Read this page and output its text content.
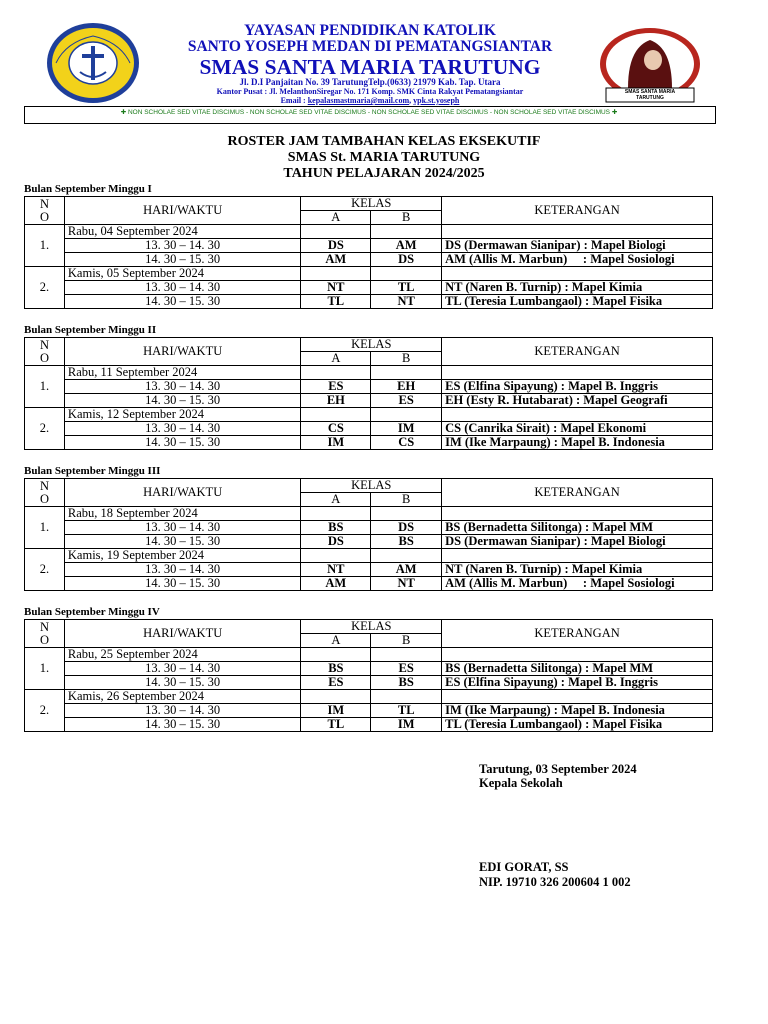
SMAS SANTA MARIA
TARUTUNG
YAYASAN PENDIDIKAN KATOLIK
SANTO YOSEPH MEDAN DI PEMATANGSIANTAR
SMAS SANTA MARIA TARUTUNG
Jl. D.I Panjaitan No. 39 TarutungTelp.(0633) 21979 Kab. Tap. Utara
Kantor Pusat : Jl. MelanthonSiregar No. 171 Komp. SMK Cinta Rakyat Pematangsiantar
Email : kepalasmastmaria@mail.com, ypk.st.yoseph
✚ NON SCHOLAE SED VITAE DISCIMUS - NON SCHOLAE SED VITAE DISCIMUS - NON SCHOLAE SED VITAE DISCIMUS - NON SCHOLAE SED VITAE DISCIMUS ✚
ROSTER JAM TAMBAHAN KELAS EKSEKUTIF
SMAS St. MARIA TARUTUNG
TAHUN PELAJARAN 2024/2025
Bulan September Minggu I
N
O	HARI/WAKTU	KELAS		KETERANGAN
		A	B	
1.	Rabu, 04 September 2024			
	13. 30 – 14. 30	DS	AM	DS (Dermawan Sianipar) : Mapel Biologi
	14. 30 – 15. 30	AM	DS	AM (Allis M. Marbun)     : Mapel Sosiologi
2.	Kamis, 05 September 2024			
	13. 30 – 14. 30	NT	TL	NT (Naren B. Turnip) : Mapel Kimia
	14. 30 – 15. 30	TL	NT	TL (Teresia Lumbangaol) : Mapel Fisika
Bulan September Minggu II
N
O	HARI/WAKTU	KELAS		KETERANGAN
		A	B	
1.	Rabu, 11 September 2024			
	13. 30 – 14. 30	ES	EH	ES (Elfina Sipayung) : Mapel B. Inggris
	14. 30 – 15. 30	EH	ES	EH (Esty R. Hutabarat) : Mapel Geografi
2.	Kamis, 12 September 2024			
	13. 30 – 14. 30	CS	IM	CS (Canrika Sirait) : Mapel Ekonomi
	14. 30 – 15. 30	IM	CS	IM (Ike Marpaung) : Mapel B. Indonesia
Bulan September Minggu III
N
O	HARI/WAKTU	KELAS		KETERANGAN
		A	B	
1.	Rabu, 18 September 2024			
	13. 30 – 14. 30	BS	DS	BS (Bernadetta Silitonga) : Mapel MM
	14. 30 – 15. 30	DS	BS	DS (Dermawan Sianipar) : Mapel Biologi
2.	Kamis, 19 September 2024			
	13. 30 – 14. 30	NT	AM	NT (Naren B. Turnip) : Mapel Kimia
	14. 30 – 15. 30	AM	NT	AM (Allis M. Marbun)     : Mapel Sosiologi
Bulan September Minggu IV
N
O	HARI/WAKTU	KELAS		KETERANGAN
		A	B	
1.	Rabu, 25 September 2024			
	13. 30 – 14. 30	BS	ES	BS (Bernadetta Silitonga) : Mapel MM
	14. 30 – 15. 30	ES	BS	ES (Elfina Sipayung) : Mapel B. Inggris
2.	Kamis, 26 September 2024			
	13. 30 – 14. 30	IM	TL	IM (Ike Marpaung) : Mapel B. Indonesia
	14. 30 – 15. 30	TL	IM	TL (Teresia Lumbangaol) : Mapel Fisika
Tarutung, 03 September 2024
Kepala Sekolah
EDI GORAT, SS
NIP. 19710 326 200604 1 002
